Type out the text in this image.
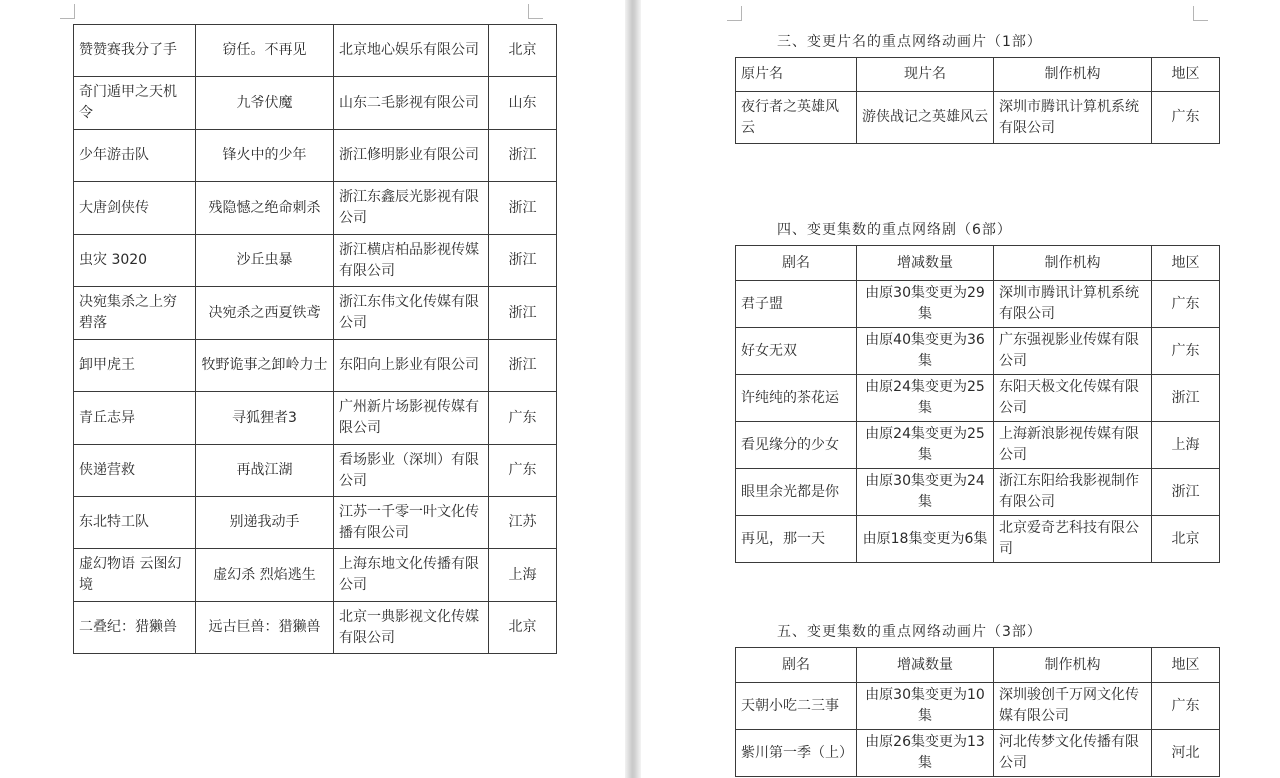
赞赞赛我分了手	窃任。不再见	北京地心娱乐有限公司	北京
奇门遁甲之天机令	九爷伏魔	山东二毛影视有限公司	山东
少年游击队	锋火中的少年	浙江修明影业有限公司	浙江
大唐剑侠传	残隐憾之绝命刺杀	浙江东鑫辰光影视有限公司	浙江
虫灾 3020	沙丘虫暴	浙江横店柏品影视传媒有限公司	浙江
决宛集杀之上穷碧落	决宛杀之西夏铁鸢	浙江东伟文化传媒有限公司	浙江
卸甲虎王	牧野诡事之卸岭力士	东阳向上影业有限公司	浙江
青丘志异	寻狐狸者3	广州新片场影视传媒有限公司	广东
侠递营救	再战江湖	看场影业（深圳）有限公司	广东
东北特工队	别递我动手	江苏一千零一叶文化传播有限公司	江苏
虚幻物语 云图幻境	虚幻杀 烈焰逃生	上海东地文化传播有限公司	上海
二叠纪：猎獭兽	远古巨兽：猎獭兽	北京一典影视文化传媒有限公司	北京
三、变更片名的重点网络动画片（1部）
原片名	现片名	制作机构	地区
夜行者之英雄风云	游侠战记之英雄风云	深圳市腾讯计算机系统有限公司	广东
四、变更集数的重点网络剧（6部）
剧名	增减数量	制作机构	地区
君子盟	由原30集变更为29集	深圳市腾讯计算机系统有限公司	广东
好女无双	由原40集变更为36集	广东强视影业传媒有限公司	广东
许纯纯的茶花运	由原24集变更为25集	东阳天极文化传媒有限公司	浙江
看见缘分的少女	由原24集变更为25集	上海新浪影视传媒有限公司	上海
眼里余光都是你	由原30集变更为24集	浙江东阳给我影视制作有限公司	浙江
再见，那一天	由原18集变更为6集	北京爱奇艺科技有限公司	北京
五、变更集数的重点网络动画片（3部）
剧名	增减数量	制作机构	地区
天朝小吃二三事	由原30集变更为10集	深圳骏创千万网文化传媒有限公司	广东
紫川第一季（上）	由原26集变更为13集	河北传梦文化传播有限公司	河北
